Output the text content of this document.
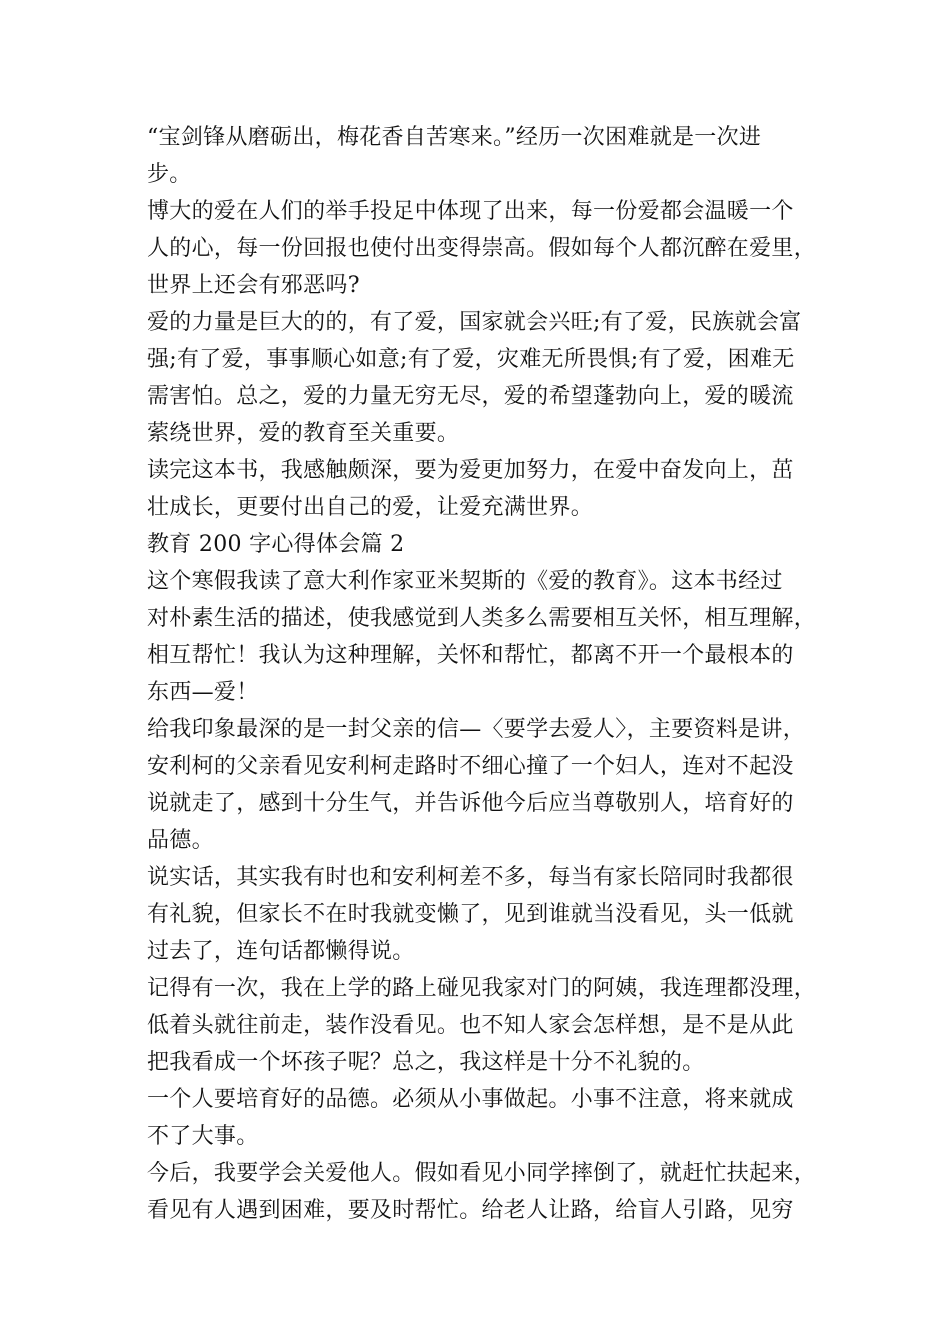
“宝剑锋从磨砺出，梅花香自苦寒来。”经历一次困难就是一次进
步。
博大的爱在人们的举手投足中体现了出来，每一份爱都会温暖一个
人的心，每一份回报也使付出变得崇高。假如每个人都沉醉在爱里，
世界上还会有邪恶吗?
爱的力量是巨大的的，有了爱，国家就会兴旺;有了爱，民族就会富
强;有了爱，事事顺心如意;有了爱，灾难无所畏惧;有了爱，困难无
需害怕。总之，爱的力量无穷无尽，爱的希望蓬勃向上，爱的暖流
萦绕世界，爱的教育至关重要。
读完这本书，我感触颇深，要为爱更加努力，在爱中奋发向上，茁
壮成长，更要付出自己的爱，让爱充满世界。
教育 200 字心得体会篇 2
这个寒假我读了意大利作家亚米契斯的《爱的教育》。这本书经过
对朴素生活的描述，使我感觉到人类多么需要相互关怀，相互理解，
相互帮忙！我认为这种理解，关怀和帮忙，都离不开一个最根本的
东西—爱！
给我印象最深的是一封父亲的信—〈要学去爱人〉，主要资料是讲，
安利柯的父亲看见安利柯走路时不细心撞了一个妇人，连对不起没
说就走了，感到十分生气，并告诉他今后应当尊敬别人，培育好的
品德。
说实话，其实我有时也和安利柯差不多，每当有家长陪同时我都很
有礼貌，但家长不在时我就变懒了，见到谁就当没看见，头一低就
过去了，连句话都懒得说。
记得有一次，我在上学的路上碰见我家对门的阿姨，我连理都没理，
低着头就往前走，装作没看见。也不知人家会怎样想，是不是从此
把我看成一个坏孩子呢？总之，我这样是十分不礼貌的。
一个人要培育好的品德。必须从小事做起。小事不注意，将来就成
不了大事。
今后，我要学会关爱他人。假如看见小同学摔倒了，就赶忙扶起来，
看见有人遇到困难，要及时帮忙。给老人让路，给盲人引路，见穷
